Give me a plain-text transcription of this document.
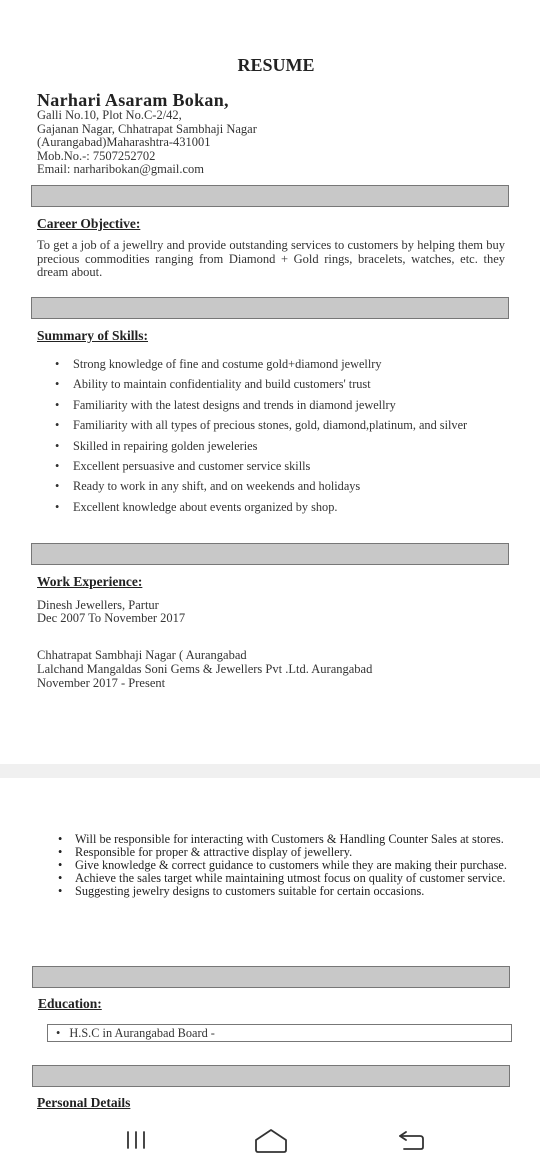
RESUME
Narhari Asaram Bokan,
Galli No.10, Plot No.C-2/42,
Gajanan Nagar, Chhatrapat Sambhaji Nagar
(Aurangabad)Maharashtra-431001
Mob.No.-: 7507252702
Email: narharibokan@gmail.com
Career Objective:
To get a job of a jewellry and provide outstanding services to customers by helping them buy precious commodities ranging from Diamond + Gold rings, bracelets, watches, etc. they dream about.
Summary of Skills:
• Strong knowledge of fine and costume gold+diamond jewellry
• Ability to maintain confidentiality and build customers' trust
• Familiarity with the latest designs and trends in diamond jewellry
• Familiarity with all types of precious stones, gold, diamond,platinum, and silver
• Skilled in repairing golden jeweleries
• Excellent persuasive and customer service skills
• Ready to work in any shift, and on weekends and holidays
• Excellent knowledge about events organized by shop.
Work Experience:
Dinesh Jewellers, Partur
Dec 2007 To November 2017
Chhatrapat Sambhaji Nagar ( Aurangabad
Lalchand Mangaldas Soni Gems & Jewellers Pvt .Ltd. Aurangabad
November 2017 - Present
• Will be responsible for interacting with Customers & Handling Counter Sales at stores.
• Responsible for proper & attractive display of jewellery.
• Give knowledge & correct guidance to customers while they are making their purchase.
• Achieve the sales target while maintaining utmost focus on quality of customer service.
• Suggesting jewelry designs to customers suitable for certain occasions.
Education:
• H.S.C in Aurangabad Board -
Personal Details
